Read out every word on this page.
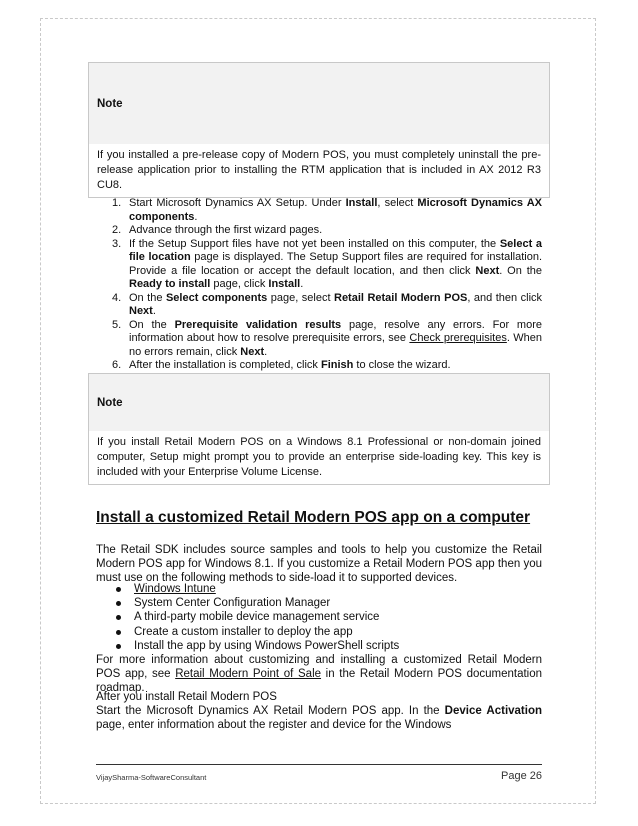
Note
If you installed a pre-release copy of Modern POS, you must completely uninstall the pre-release application prior to installing the RTM application that is included in AX 2012 R3 CU8.
1. Start Microsoft Dynamics AX Setup. Under Install, select Microsoft Dynamics AX components.
2. Advance through the first wizard pages.
3. If the Setup Support files have not yet been installed on this computer, the Select a file location page is displayed. The Setup Support files are required for installation. Provide a file location or accept the default location, and then click Next. On the Ready to install page, click Install.
4. On the Select components page, select Retail Retail Modern POS, and then click Next.
5. On the Prerequisite validation results page, resolve any errors. For more information about how to resolve prerequisite errors, see Check prerequisites. When no errors remain, click Next.
6. After the installation is completed, click Finish to close the wizard.
Note
If you install Retail Modern POS on a Windows 8.1 Professional or non-domain joined computer, Setup might prompt you to provide an enterprise side-loading key. This key is included with your Enterprise Volume License.
Install a customized Retail Modern POS app on a computer
The Retail SDK includes source samples and tools to help you customize the Retail Modern POS app for Windows 8.1. If you customize a Retail Modern POS app then you must use on the following methods to side-load it to supported devices.
Windows Intune
System Center Configuration Manager
A third-party mobile device management service
Create a custom installer to deploy the app
Install the app by using Windows PowerShell scripts
For more information about customizing and installing a customized Retail Modern POS app, see Retail Modern Point of Sale in the Retail Modern POS documentation roadmap.
After you install Retail Modern POS
Start the Microsoft Dynamics AX Retail Modern POS app. In the Device Activation page, enter information about the register and device for the Windows
VijaySharma-SoftwareConsultant	Page 26
